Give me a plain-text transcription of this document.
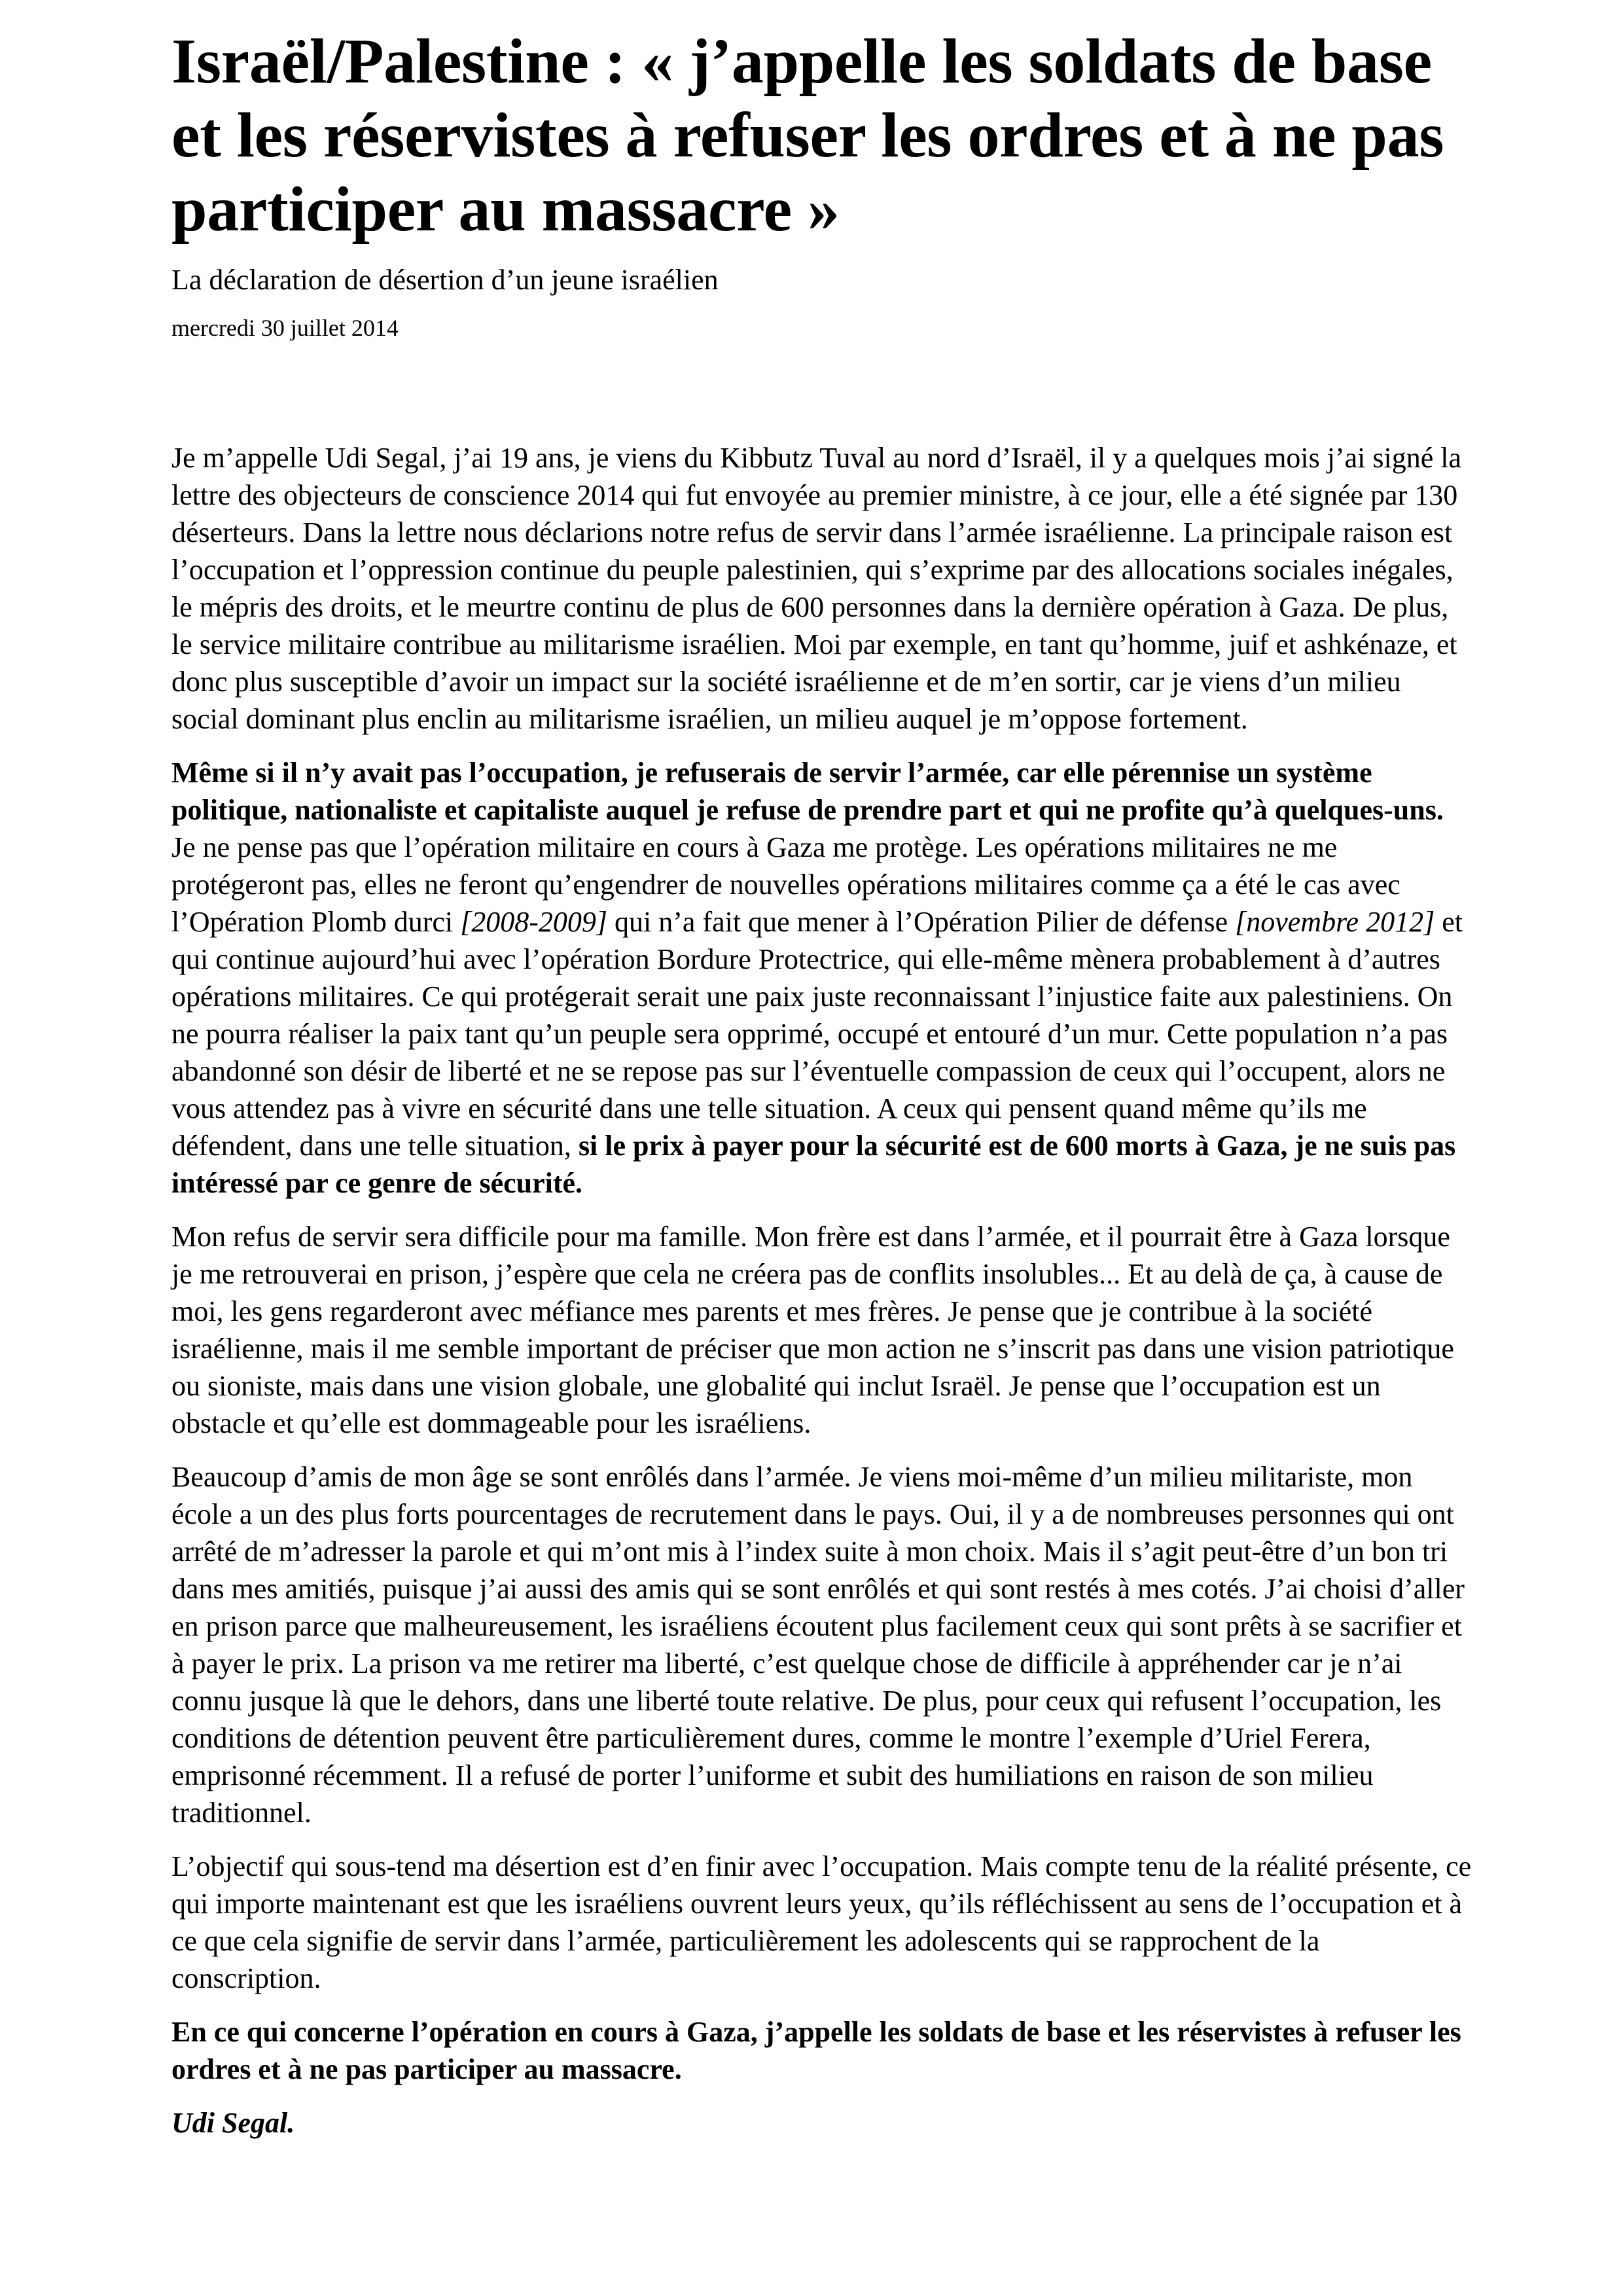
Israël/Palestine : « j’appelle les soldats de base et les réservistes à refuser les ordres et à ne pas participer au massacre »
La déclaration de désertion d’un jeune israélien
mercredi 30 juillet 2014

Je m’appelle Udi Segal, j’ai 19 ans, je viens du Kibbutz Tuval au nord d’Israël, il y a quelques mois j’ai signé la lettre des objecteurs de conscience 2014 qui fut envoyée au premier ministre, à ce jour, elle a été signée par 130 déserteurs. Dans la lettre nous déclarions notre refus de servir dans l’armée israélienne. La principale raison est l’occupation et l’oppression continue du peuple palestinien, qui s’exprime par des allocations sociales inégales, le mépris des droits, et le meurtre continu de plus de 600 personnes dans la dernière opération à Gaza. De plus, le service militaire contribue au militarisme israélien. Moi par exemple, en tant qu’homme, juif et ashkénaze, et donc plus susceptible d’avoir un impact sur la société israélienne et de m’en sortir, car je viens d’un milieu social dominant plus enclin au militarisme israélien, un milieu auquel je m’oppose fortement.

Même si il n’y avait pas l’occupation, je refuserais de servir l’armée, car elle pérennise un système politique, nationaliste et capitaliste auquel je refuse de prendre part et qui ne profite qu’à quelques-uns. Je ne pense pas que l’opération militaire en cours à Gaza me protège. Les opérations militaires ne me protégeront pas, elles ne feront qu’engendrer de nouvelles opérations militaires comme ça a été le cas avec l’Opération Plomb durci [2008-2009] qui n’a fait que mener à l’Opération Pilier de défense [novembre 2012] et qui continue aujourd’hui avec l’opération Bordure Protectrice, qui elle-même mènera probablement à d’autres opérations militaires. Ce qui protégerait serait une paix juste reconnaissant l’injustice faite aux palestiniens. On ne pourra réaliser la paix tant qu’un peuple sera opprimé, occupé et entouré d’un mur. Cette population n’a pas abandonné son désir de liberté et ne se repose pas sur l’éventuelle compassion de ceux qui l’occupent, alors ne vous attendez pas à vivre en sécurité dans une telle situation. A ceux qui pensent quand même qu’ils me défendent, dans une telle situation, si le prix à payer pour la sécurité est de 600 morts à Gaza, je ne suis pas intéressé par ce genre de sécurité.

Mon refus de servir sera difficile pour ma famille. Mon frère est dans l’armée, et il pourrait être à Gaza lorsque je me retrouverai en prison, j’espère que cela ne créera pas de conflits insolubles... Et au delà de ça, à cause de moi, les gens regarderont avec méfiance mes parents et mes frères. Je pense que je contribue à la société israélienne, mais il me semble important de préciser que mon action ne s’inscrit pas dans une vision patriotique ou sioniste, mais dans une vision globale, une globalité qui inclut Israël. Je pense que l’occupation est un obstacle et qu’elle est dommageable pour les israéliens.

Beaucoup d’amis de mon âge se sont enrôlés dans l’armée. Je viens moi-même d’un milieu militariste, mon école a un des plus forts pourcentages de recrutement dans le pays. Oui, il y a de nombreuses personnes qui ont arrêté de m’adresser la parole et qui m’ont mis à l’index suite à mon choix. Mais il s’agit peut-être d’un bon tri dans mes amitiés, puisque j’ai aussi des amis qui se sont enrôlés et qui sont restés à mes cotés. J’ai choisi d’aller en prison parce que malheureusement, les israéliens écoutent plus facilement ceux qui sont prêts à se sacrifier et à payer le prix. La prison va me retirer ma liberté, c’est quelque chose de difficile à appréhender car je n’ai connu jusque là que le dehors, dans une liberté toute relative. De plus, pour ceux qui refusent l’occupation, les conditions de détention peuvent être particulièrement dures, comme le montre l’exemple d’Uriel Ferera, emprisonné récemment. Il a refusé de porter l’uniforme et subit des humiliations en raison de son milieu traditionnel.

L’objectif qui sous-tend ma désertion est d’en finir avec l’occupation. Mais compte tenu de la réalité présente, ce qui importe maintenant est que les israéliens ouvrent leurs yeux, qu’ils réfléchissent au sens de l’occupation et à ce que cela signifie de servir dans l’armée, particulièrement les adolescents qui se rapprochent de la conscription.

En ce qui concerne l’opération en cours à Gaza, j’appelle les soldats de base et les réservistes à refuser les ordres et à ne pas participer au massacre.

Udi Segal.
